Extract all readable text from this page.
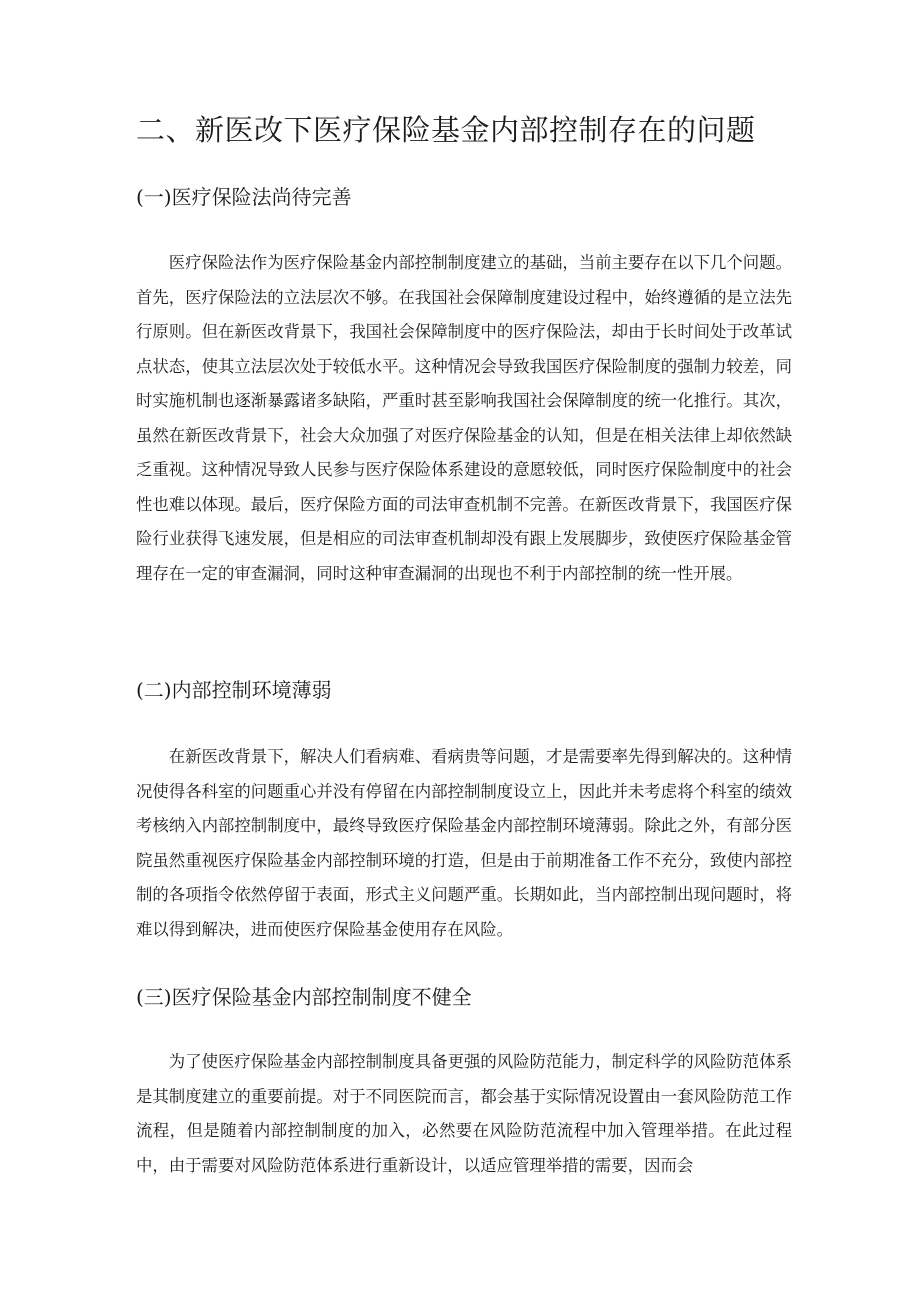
二、新医改下医疗保险基金内部控制存在的问题
(一)医疗保险法尚待完善

医疗保险法作为医疗保险基金内部控制制度建立的基础，当前主要存在以下几个问题。首先，医疗保险法的立法层次不够。在我国社会保障制度建设过程中，始终遵循的是立法先行原则。但在新医改背景下，我国社会保障制度中的医疗保险法，却由于长时间处于改革试点状态，使其立法层次处于较低水平。这种情况会导致我国医疗保险制度的强制力较差，同时实施机制也逐渐暴露诸多缺陷，严重时甚至影响我国社会保障制度的统一化推行。其次，虽然在新医改背景下，社会大众加强了对医疗保险基金的认知，但是在相关法律上却依然缺乏重视。这种情况导致人民参与医疗保险体系建设的意愿较低，同时医疗保险制度中的社会性也难以体现。最后，医疗保险方面的司法审查机制不完善。在新医改背景下，我国医疗保险行业获得飞速发展，但是相应的司法审查机制却没有跟上发展脚步，致使医疗保险基金管理存在一定的审查漏洞，同时这种审查漏洞的出现也不利于内部控制的统一性开展。

(二)内部控制环境薄弱

在新医改背景下，解决人们看病难、看病贵等问题，才是需要率先得到解决的。这种情况使得各科室的问题重心并没有停留在内部控制制度设立上，因此并未考虑将个科室的绩效考核纳入内部控制制度中，最终导致医疗保险基金内部控制环境薄弱。除此之外，有部分医院虽然重视医疗保险基金内部控制环境的打造，但是由于前期准备工作不充分，致使内部控制的各项指令依然停留于表面，形式主义问题严重。长期如此，当内部控制出现问题时，将难以得到解决，进而使医疗保险基金使用存在风险。

(三)医疗保险基金内部控制制度不健全

为了使医疗保险基金内部控制制度具备更强的风险防范能力，制定科学的风险防范体系是其制度建立的重要前提。对于不同医院而言，都会基于实际情况设置由一套风险防范工作流程，但是随着内部控制制度的加入，必然要在风险防范流程中加入管理举措。在此过程中，由于需要对风险防范体系进行重新设计，以适应管理举措的需要，因而会
